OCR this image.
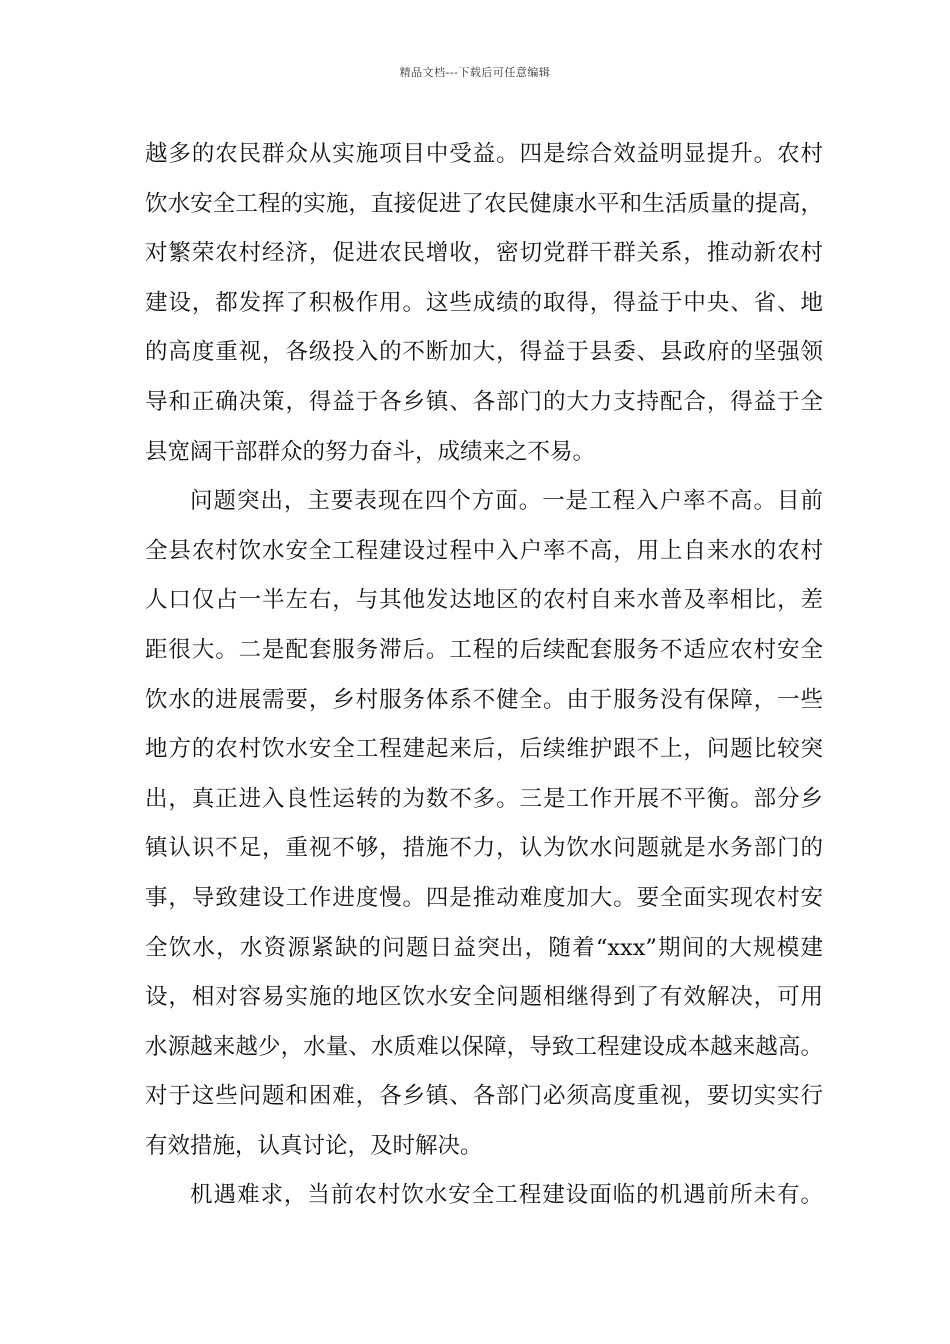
精品文档---下载后可任意编辑
越多的农民群众从实施项目中受益。四是综合效益明显提升。农村
饮水安全工程的实施，直接促进了农民健康水平和生活质量的提高，
对繁荣农村经济，促进农民增收，密切党群干群关系，推动新农村
建设，都发挥了积极作用。这些成绩的取得，得益于中央、省、地
的高度重视，各级投入的不断加大，得益于县委、县政府的坚强领
导和正确决策，得益于各乡镇、各部门的大力支持配合，得益于全
县宽阔干部群众的努力奋斗，成绩来之不易。
问题突出，主要表现在四个方面。一是工程入户率不高。目前
全县农村饮水安全工程建设过程中入户率不高，用上自来水的农村
人口仅占一半左右，与其他发达地区的农村自来水普及率相比，差
距很大。二是配套服务滞后。工程的后续配套服务不适应农村安全
饮水的进展需要，乡村服务体系不健全。由于服务没有保障，一些
地方的农村饮水安全工程建起来后，后续维护跟不上，问题比较突
出，真正进入良性运转的为数不多。三是工作开展不平衡。部分乡
镇认识不足，重视不够，措施不力，认为饮水问题就是水务部门的
事，导致建设工作进度慢。四是推动难度加大。要全面实现农村安
全饮水，水资源紧缺的问题日益突出，随着“xxx”期间的大规模建
设，相对容易实施的地区饮水安全问题相继得到了有效解决，可用
水源越来越少，水量、水质难以保障，导致工程建设成本越来越高。
对于这些问题和困难，各乡镇、各部门必须高度重视，要切实实行
有效措施，认真讨论，及时解决。
机遇难求，当前农村饮水安全工程建设面临的机遇前所未有。
